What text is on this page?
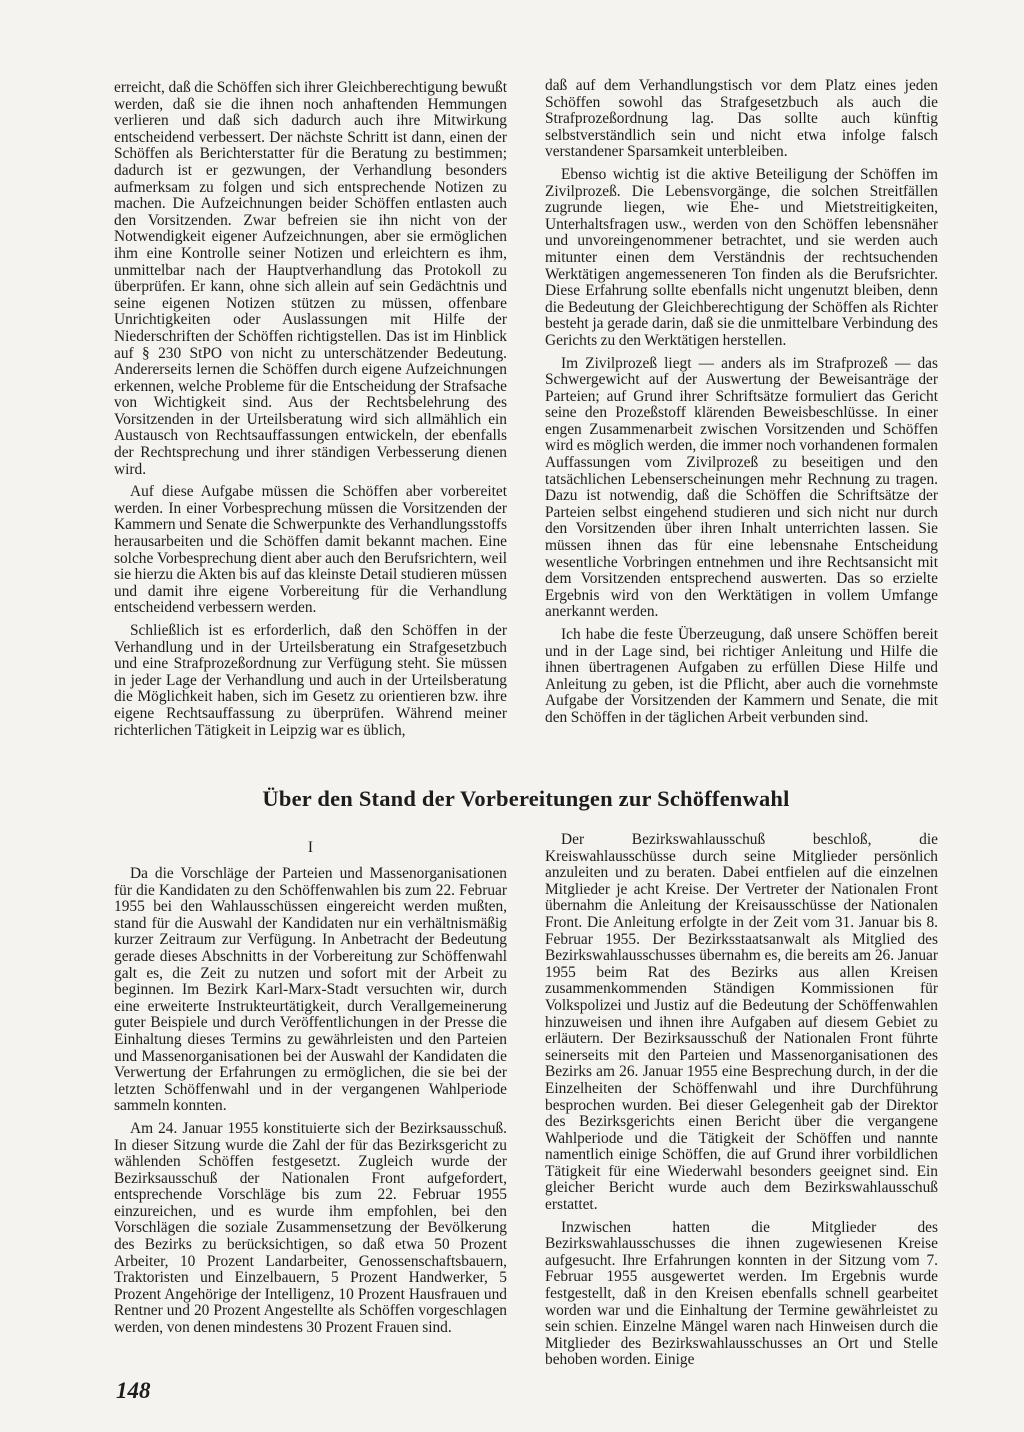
erreicht, daß die Schöffen sich ihrer Gleichberechtigung bewußt werden, daß sie die ihnen noch anhaftenden Hemmungen verlieren und daß sich dadurch auch ihre Mitwirkung entscheidend verbessert. Der nächste Schritt ist dann, einen der Schöffen als Berichterstatter für die Beratung zu bestimmen; dadurch ist er gezwungen, der Verhandlung besonders aufmerksam zu folgen und sich entsprechende Notizen zu machen. Die Aufzeichnungen beider Schöffen entlasten auch den Vorsitzenden. Zwar befreien sie ihn nicht von der Notwendigkeit eigener Aufzeichnungen, aber sie ermöglichen ihm eine Kontrolle seiner Notizen und erleichtern es ihm, unmittelbar nach der Hauptverhandlung das Protokoll zu überprüfen. Er kann, ohne sich allein auf sein Gedächtnis und seine eigenen Notizen stützen zu müssen, offenbare Unrichtigkeiten oder Auslassungen mit Hilfe der Niederschriften der Schöffen richtigstellen. Das ist im Hinblick auf § 230 StPO von nicht zu unterschätzender Bedeutung. Andererseits lernen die Schöffen durch eigene Aufzeichnungen erkennen, welche Probleme für die Entscheidung der Strafsache von Wichtigkeit sind. Aus der Rechtsbelehrung des Vorsitzenden in der Urteilsberatung wird sich allmählich ein Austausch von Rechtsauffassungen entwickeln, der ebenfalls der Rechtsprechung und ihrer ständigen Verbesserung dienen wird.

Auf diese Aufgabe müssen die Schöffen aber vorbereitet werden. In einer Vorbesprechung müssen die Vorsitzenden der Kammern und Senate die Schwerpunkte des Verhandlungsstoffs herausarbeiten und die Schöffen damit bekannt machen. Eine solche Vorbesprechung dient aber auch den Berufsrichtern, weil sie hierzu die Akten bis auf das kleinste Detail studieren müssen und damit ihre eigene Vorbereitung für die Verhandlung entscheidend verbessern werden.

Schließlich ist es erforderlich, daß den Schöffen in der Verhandlung und in der Urteilsberatung ein Strafgesetzbuch und eine Strafprozeßordnung zur Verfügung steht. Sie müssen in jeder Lage der Verhandlung und auch in der Urteilsberatung die Möglichkeit haben, sich im Gesetz zu orientieren bzw. ihre eigene Rechtsauffassung zu überprüfen. Während meiner richterlichen Tätigkeit in Leipzig war es üblich,

daß auf dem Verhandlungstisch vor dem Platz eines jeden Schöffen sowohl das Strafgesetzbuch als auch die Strafprozeßordnung lag. Das sollte auch künftig selbstverständlich sein und nicht etwa infolge falsch verstandener Sparsamkeit unterbleiben.

Ebenso wichtig ist die aktive Beteiligung der Schöffen im Zivilprozeß. Die Lebensvorgänge, die solchen Streitfällen zugrunde liegen, wie Ehe- und Mietstreitigkeiten, Unterhaltsfragen usw., werden von den Schöffen lebensnäher und unvoreingenommener betrachtet, und sie werden auch mitunter einen dem Verständnis der rechtsuchenden Werktätigen angemesseneren Ton finden als die Berufsrichter. Diese Erfahrung sollte ebenfalls nicht ungenutzt bleiben, denn die Bedeutung der Gleichberechtigung der Schöffen als Richter besteht ja gerade darin, daß sie die unmittelbare Verbindung des Gerichts zu den Werktätigen herstellen.

Im Zivilprozeß liegt — anders als im Strafprozeß — das Schwergewicht auf der Auswertung der Beweisanträge der Parteien; auf Grund ihrer Schriftsätze formuliert das Gericht seine den Prozeßstoff klärenden Beweisbeschlüsse. In einer engen Zusammenarbeit zwischen Vorsitzenden und Schöffen wird es möglich werden, die immer noch vorhandenen formalen Auffassungen vom Zivilprozeß zu beseitigen und den tatsächlichen Lebenserscheinungen mehr Rechnung zu tragen. Dazu ist notwendig, daß die Schöffen die Schriftsätze der Parteien selbst eingehend studieren und sich nicht nur durch den Vorsitzenden über ihren Inhalt unterrichten lassen. Sie müssen ihnen das für eine lebensnahe Entscheidung wesentliche Vorbringen entnehmen und ihre Rechtsansicht mit dem Vorsitzenden entsprechend auswerten. Das so erzielte Ergebnis wird von den Werktätigen in vollem Umfange anerkannt werden.

Ich habe die feste Überzeugung, daß unsere Schöffen bereit und in der Lage sind, bei richtiger Anleitung und Hilfe die ihnen übertragenen Aufgaben zu erfüllen Diese Hilfe und Anleitung zu geben, ist die Pflicht, aber auch die vornehmste Aufgabe der Vorsitzenden der Kammern und Senate, die mit den Schöffen in der täglichen Arbeit verbunden sind.

Über den Stand der Vorbereitungen zur Schöffenwahl
I

Da die Vorschläge der Parteien und Massenorganisationen für die Kandidaten zu den Schöffenwahlen bis zum 22. Februar 1955 bei den Wahlausschüssen eingereicht werden mußten, stand für die Auswahl der Kandidaten nur ein verhältnismäßig kurzer Zeitraum zur Verfügung. In Anbetracht der Bedeutung gerade dieses Abschnitts in der Vorbereitung zur Schöffenwahl galt es, die Zeit zu nutzen und sofort mit der Arbeit zu beginnen. Im Bezirk Karl-Marx-Stadt versuchten wir, durch eine erweiterte Instrukteurtätigkeit, durch Verallgemeinerung guter Beispiele und durch Veröffentlichungen in der Presse die Einhaltung dieses Termins zu gewährleisten und den Parteien und Massenorganisationen bei der Auswahl der Kandidaten die Verwertung der Erfahrungen zu ermöglichen, die sie bei der letzten Schöffenwahl und in der vergangenen Wahlperiode sammeln konnten.

Am 24. Januar 1955 konstituierte sich der Bezirksausschuß. In dieser Sitzung wurde die Zahl der für das Bezirksgericht zu wählenden Schöffen festgesetzt. Zugleich wurde der Bezirksausschuß der Nationalen Front aufgefordert, entsprechende Vorschläge bis zum 22. Februar 1955 einzureichen, und es wurde ihm empfohlen, bei den Vorschlägen die soziale Zusammensetzung der Bevölkerung des Bezirks zu berücksichtigen, so daß etwa 50 Prozent Arbeiter, 10 Prozent Landarbeiter, Genossenschaftsbauern, Traktoristen und Einzelbauern, 5 Prozent Handwerker, 5 Prozent Angehörige der Intelligenz, 10 Prozent Hausfrauen und Rentner und 20 Prozent Angestellte als Schöffen vorgeschlagen werden, von denen mindestens 30 Prozent Frauen sind.

Der Bezirkswahlausschuß beschloß, die Kreiswahlausschüsse durch seine Mitglieder persönlich anzuleiten und zu beraten. Dabei entfielen auf die einzelnen Mitglieder je acht Kreise. Der Vertreter der Nationalen Front übernahm die Anleitung der Kreisausschüsse der Nationalen Front. Die Anleitung erfolgte in der Zeit vom 31. Januar bis 8. Februar 1955. Der Bezirksstaatsanwalt als Mitglied des Bezirkswahlausschusses übernahm es, die bereits am 26. Januar 1955 beim Rat des Bezirks aus allen Kreisen zusammenkommenden Ständigen Kommissionen für Volkspolizei und Justiz auf die Bedeutung der Schöffenwahlen hinzuweisen und ihnen ihre Aufgaben auf diesem Gebiet zu erläutern. Der Bezirksausschuß der Nationalen Front führte seinerseits mit den Parteien und Massenorganisationen des Bezirks am 26. Januar 1955 eine Besprechung durch, in der die Einzelheiten der Schöffenwahl und ihre Durchführung besprochen wurden. Bei dieser Gelegenheit gab der Direktor des Bezirksgerichts einen Bericht über die vergangene Wahlperiode und die Tätigkeit der Schöffen und nannte namentlich einige Schöffen, die auf Grund ihrer vorbildlichen Tätigkeit für eine Wiederwahl besonders geeignet sind. Ein gleicher Bericht wurde auch dem Bezirkswahlausschuß erstattet.

Inzwischen hatten die Mitglieder des Bezirkswahlausschusses die ihnen zugewiesenen Kreise aufgesucht. Ihre Erfahrungen konnten in der Sitzung vom 7. Februar 1955 ausgewertet werden. Im Ergebnis wurde festgestellt, daß in den Kreisen ebenfalls schnell gearbeitet worden war und die Einhaltung der Termine gewährleistet zu sein schien. Einzelne Mängel waren nach Hinweisen durch die Mitglieder des Bezirkswahlausschusses an Ort und Stelle behoben worden. Einige

148
